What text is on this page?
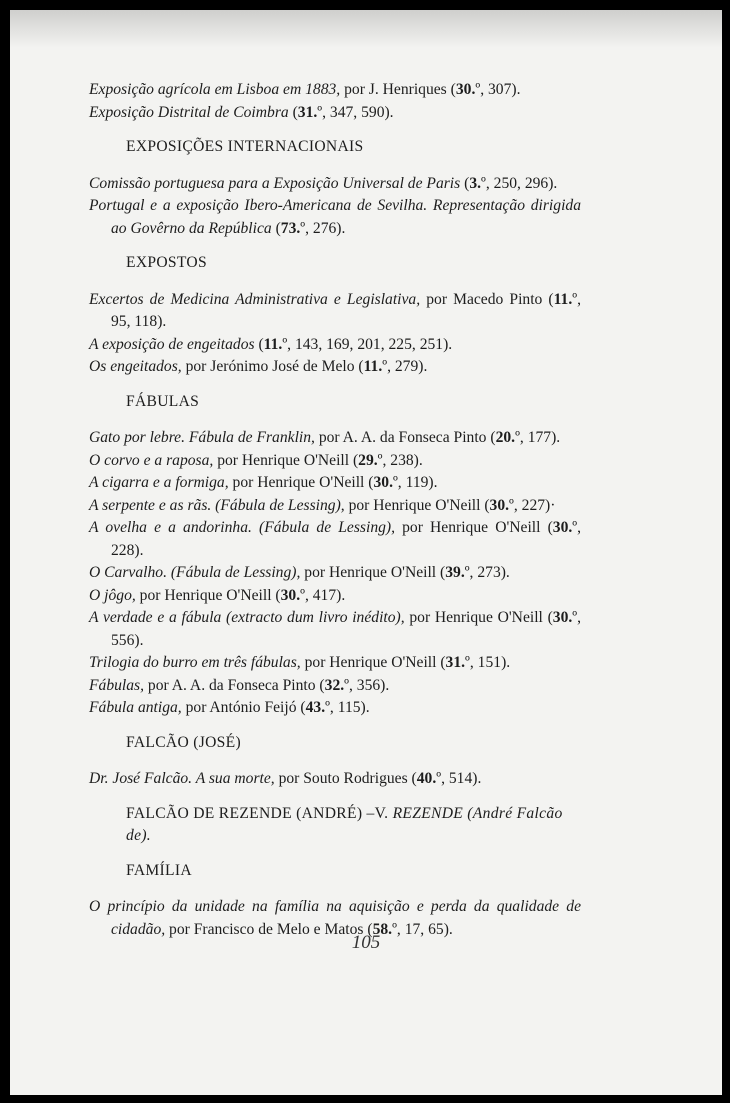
Exposição agrícola em Lisboa em 1883, por J. Henriques (30.º, 307).

Exposição Distrital de Coimbra (31.º, 347, 590).

EXPOSIÇÕES INTERNACIONAIS

Comissão portuguesa para a Exposição Universal de Paris (3.º, 250, 296).

Portugal e a exposição Ibero-Americana de Sevilha. Representação dirigida ao Govêrno da República (73.º, 276).

EXPOSTOS

Excertos de Medicina Administrativa e Legislativa, por Macedo Pinto (11.º, 95, 118).

A exposição de engeitados (11.º, 143, 169, 201, 225, 251).

Os engeitados, por Jerónimo José de Melo (11.º, 279).

FÁBULAS

Gato por lebre. Fábula de Franklin, por A. A. da Fonseca Pinto (20.º, 177).

O corvo e a raposa, por Henrique O'Neill (29.º, 238).

A cigarra e a formiga, por Henrique O'Neill (30.º, 119).

A serpente e as rãs. (Fábula de Lessing), por Henrique O'Neill (30.º, 227)·

A ovelha e a andorinha. (Fábula de Lessing), por Henrique O'Neill (30.º, 228).

O Carvalho. (Fábula de Lessing), por Henrique O'Neill (39.º, 273).

O jôgo, por Henrique O'Neill (30.º, 417).

A verdade e a fábula (extracto dum livro inédito), por Henrique O'Neill (30.º, 556).

Trilogia do burro em três fábulas, por Henrique O'Neill (31.º, 151).

Fábulas, por A. A. da Fonseca Pinto (32.º, 356).

Fábula antiga, por António Feijó (43.º, 115).

FALCÃO (JOSÉ)

Dr. José Falcão. A sua morte, por Souto Rodrigues (40.º, 514).

FALCÃO DE REZENDE (ANDRÉ) –V. REZENDE (André Falcão de).

FAMÍLIA

O princípio da unidade na família na aquisição e perda da qualidade de cidadão, por Francisco de Melo e Matos (58.º, 17, 65).

105
